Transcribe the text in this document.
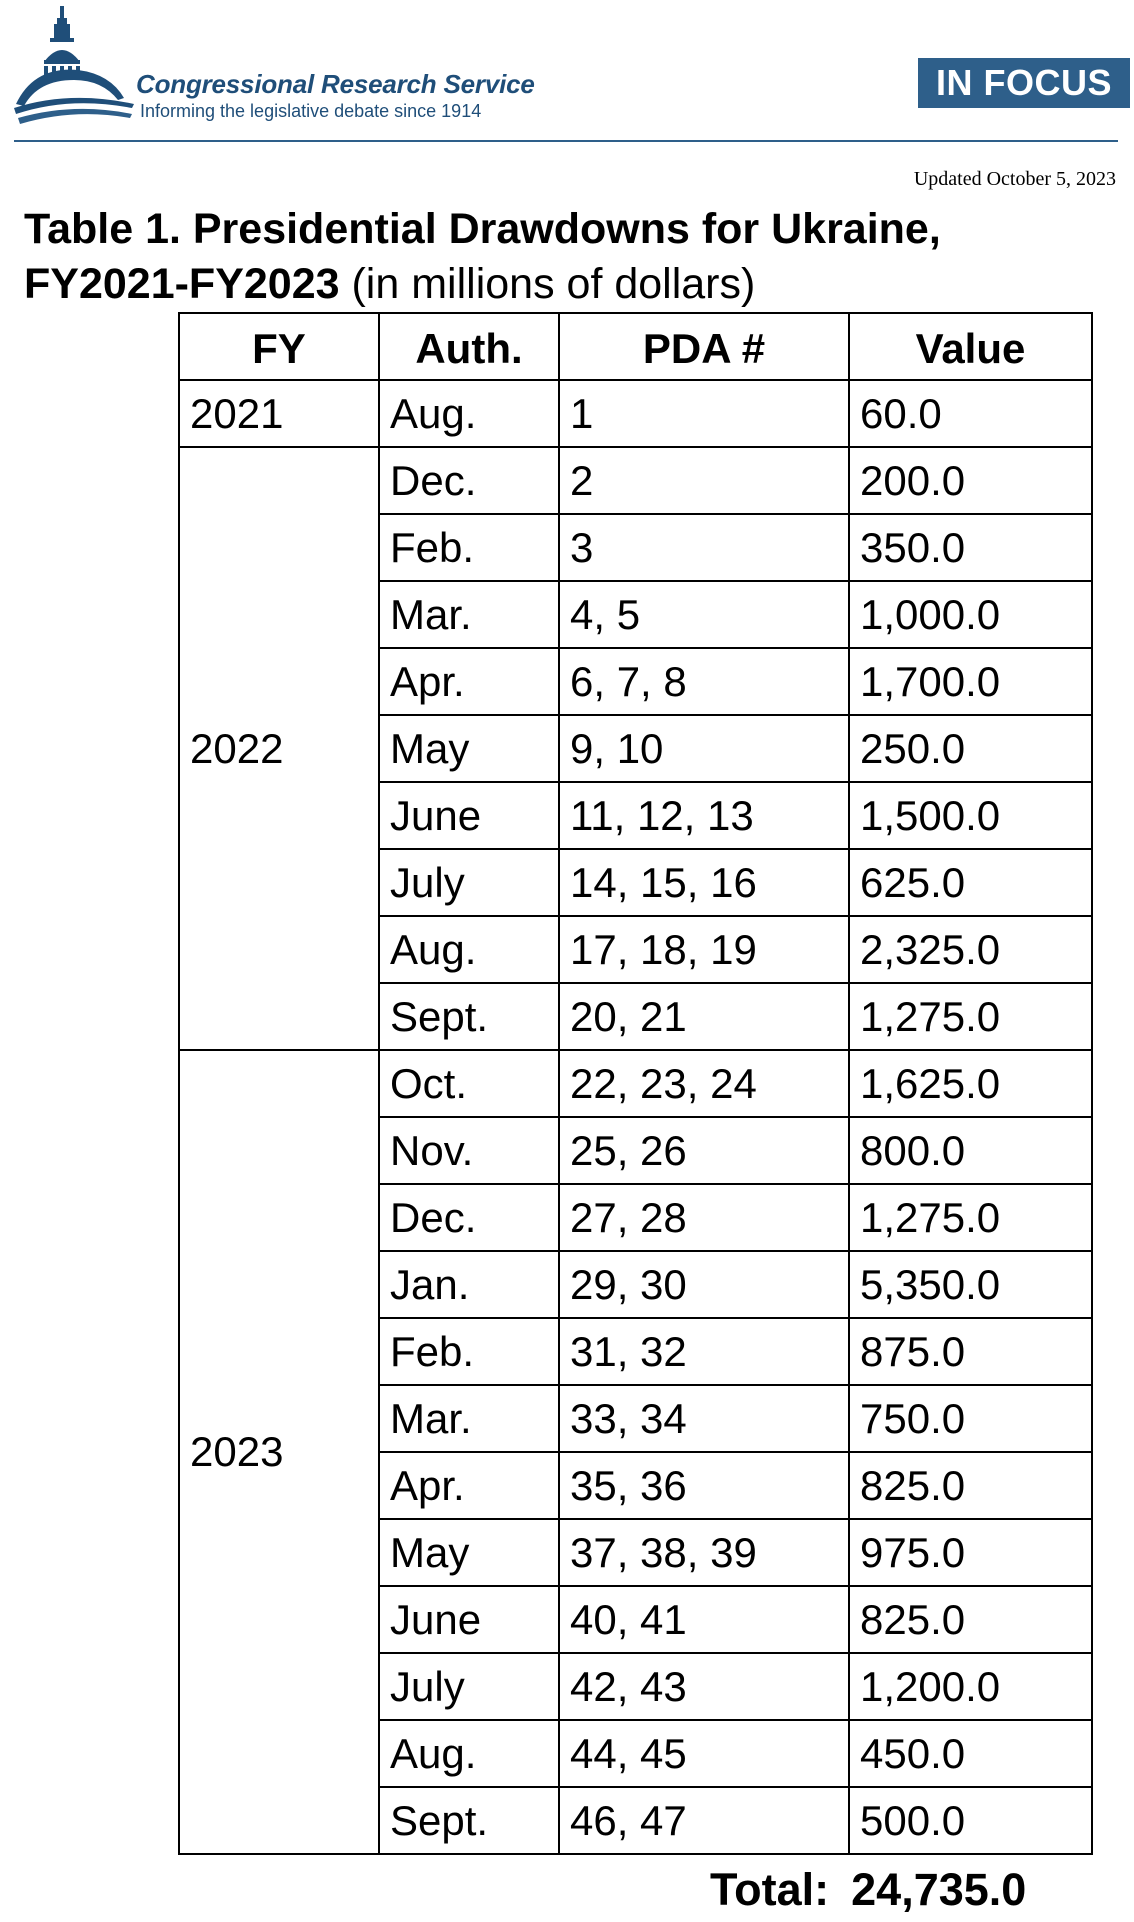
Congressional Research Service
Informing the legislative debate since 1914
IN FOCUS
Updated October 5, 2023
Table 1. Presidential Drawdowns for Ukraine,
FY2021-FY2023 (in millions of dollars)
FY	Auth.	PDA #	Value
2021	Aug.	1	60.0
2022	Dec.	2	200.0
	Feb.	3	350.0
	Mar.	4, 5	1,000.0
	Apr.	6, 7, 8	1,700.0
	May	9, 10	250.0
	June	11, 12, 13	1,500.0
	July	14, 15, 16	625.0
	Aug.	17, 18, 19	2,325.0
	Sept.	20, 21	1,275.0
2023	Oct.	22, 23, 24	1,625.0
	Nov.	25, 26	800.0
	Dec.	27, 28	1,275.0
	Jan.	29, 30	5,350.0
	Feb.	31, 32	875.0
	Mar.	33, 34	750.0
	Apr.	35, 36	825.0
	May	37, 38, 39	975.0
	June	40, 41	825.0
	July	42, 43	1,200.0
	Aug.	44, 45	450.0
	Sept.	46, 47	500.0
Total: 24,735.0
